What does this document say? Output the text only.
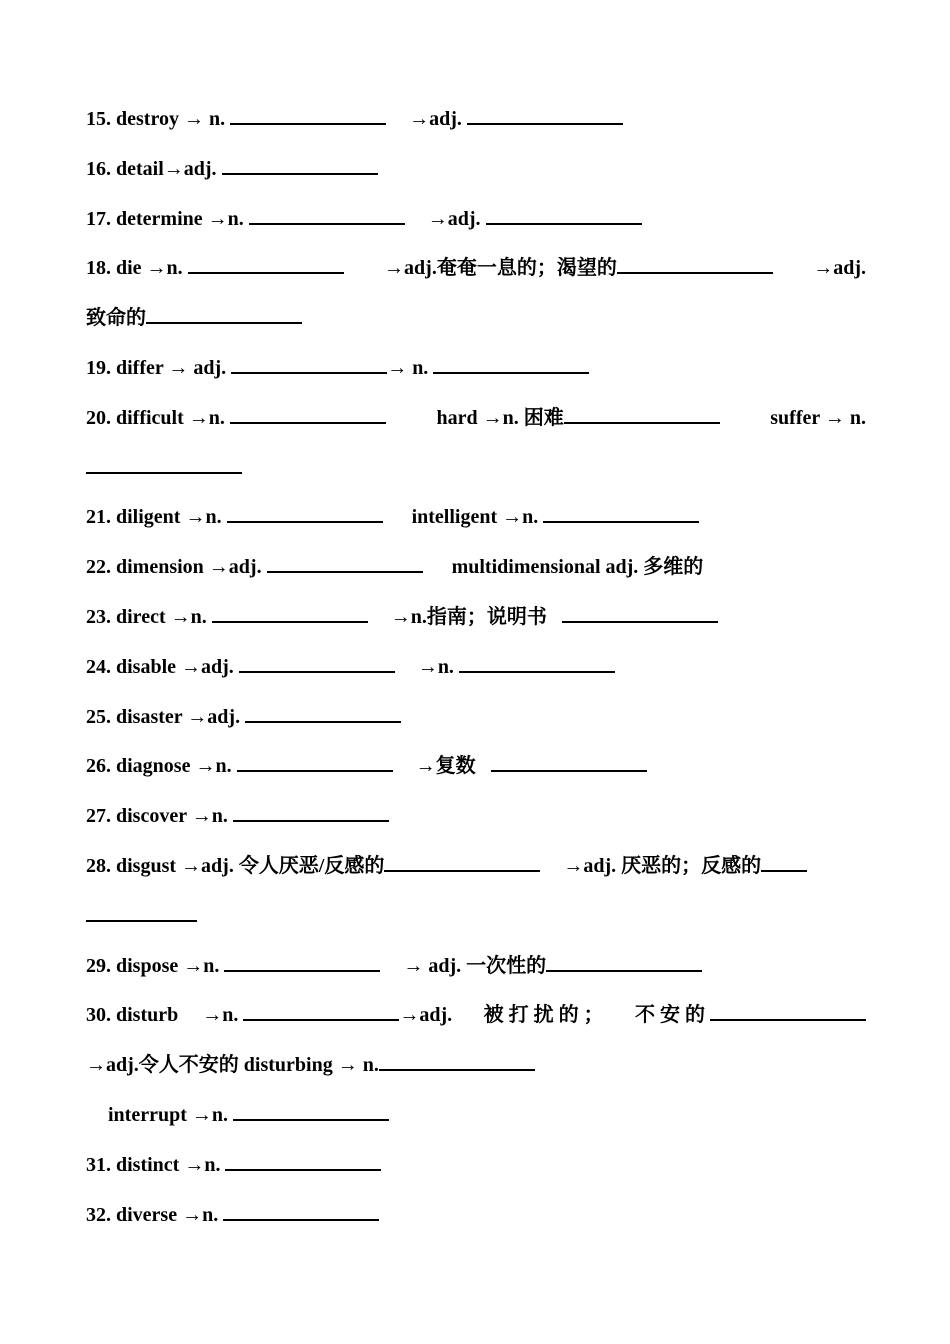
15. destroy → n.	→adj.
16. detail→adj.
17. determine →n.	→adj.
18. die →n.	→adj.奄奄一息的；渴望的	→adj.
致命的
19. differ → adj.	→ n.
20. difficult →n.	hard →n. 困难	suffer → n.
21. diligent →n.	intelligent →n.
22. dimension →adj.	multidimensional adj. 多维的
23. direct →n.	→n.指南；说明书
24. disable →adj.	→n.
25. disaster →adj.
26. diagnose →n.	→复数
27. discover →n.
28. disgust →adj. 令人厌恶/反感的	→adj. 厌恶的；反感的
29. dispose →n.	→ adj. 一次性的
30. disturb →n.	→adj. 被 打 扰 的 ； 不 安 的
→adj.令人不安的 disturbing → n.
interrupt →n.
31. distinct →n.
32. diverse →n.
